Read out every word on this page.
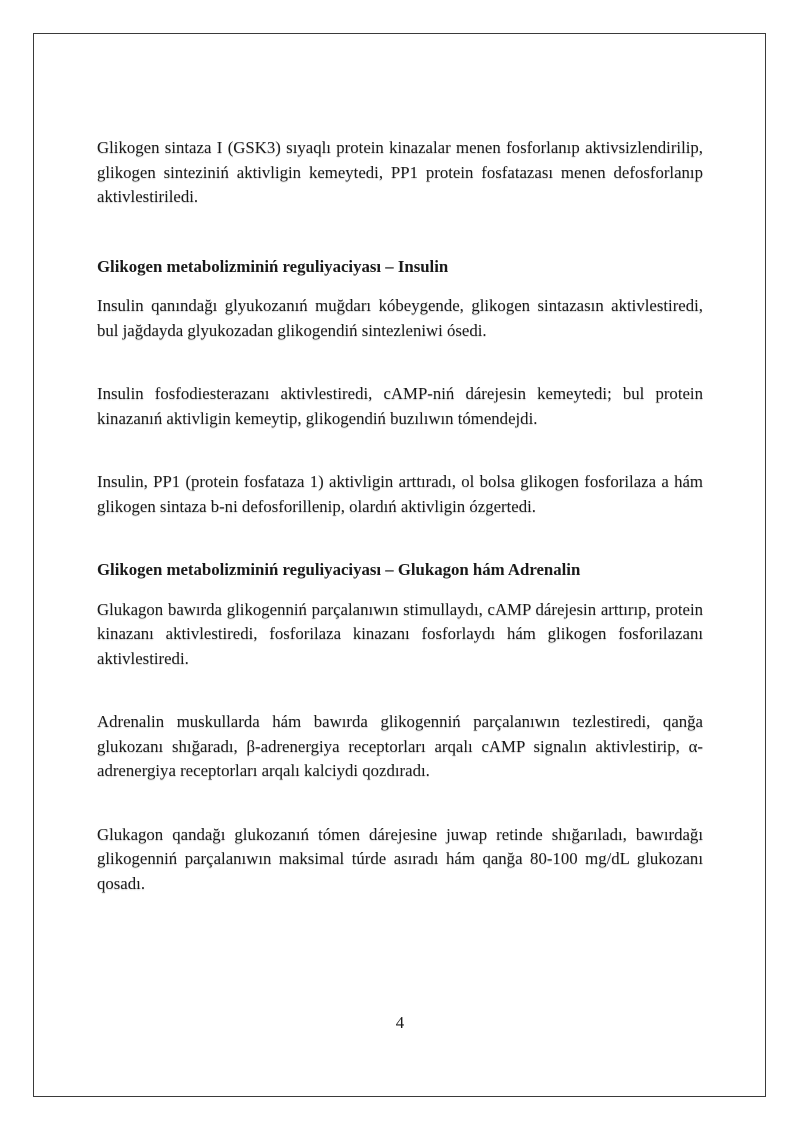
Glikogen sintaza I (GSK3) sıyaqlı protein kinazalar menen fosforlanıp aktivsizlendirilip, glikogen sinteziniń aktivligin kemeytedi, PP1 protein fosfatazası menen defosforlanıp aktivlestiriledi.

Glikogen metabolizminiń reguliyaciyası – Insulin

Insulin qanındağı glyukozanıń muğdarı kóbeygende, glikogen sintazasın aktivlestiredi, bul jağdayda glyukozadan glikogendiń sintezleniwi ósedi.

Insulin fosfodiesterazanı aktivlestiredi, cAMP-niń dárejesin kemeytedi; bul protein kinazanıń aktivligin kemeytip, glikogendiń buzılıwın tómendejdi.

Insulin, PP1 (protein fosfataza 1) aktivligin arttıradı, ol bolsa glikogen fosforilaza a hám glikogen sintaza b-ni defosforillenip, olardıń aktivligin ózgertedi.

Glikogen metabolizminiń reguliyaciyası – Glukagon hám Adrenalin

Glukagon bawırda glikogenniń parçalanıwın stimullaydı, cAMP dárejesin arttırıp, protein kinazanı aktivlestiredi, fosforilaza kinazanı fosforlaydı hám glikogen fosforilazanı aktivlestiredi.

Adrenalin muskullarda hám bawırda glikogenniń parçalanıwın tezlestiredi, qanğa glukozanı shığaradı, β-adrenergiya receptorları arqalı cAMP signalın aktivlestirip, α-adrenergiya receptorları arqalı kalciydi qozdıradı.

Glukagon qandağı glukozanıń tómen dárejesine juwap retinde shığarıladı, bawırdağı glikogenniń parçalanıwın maksimal túrde asıradı hám qanğa 80-100 mg/dL glukozanı qosadı.

4
